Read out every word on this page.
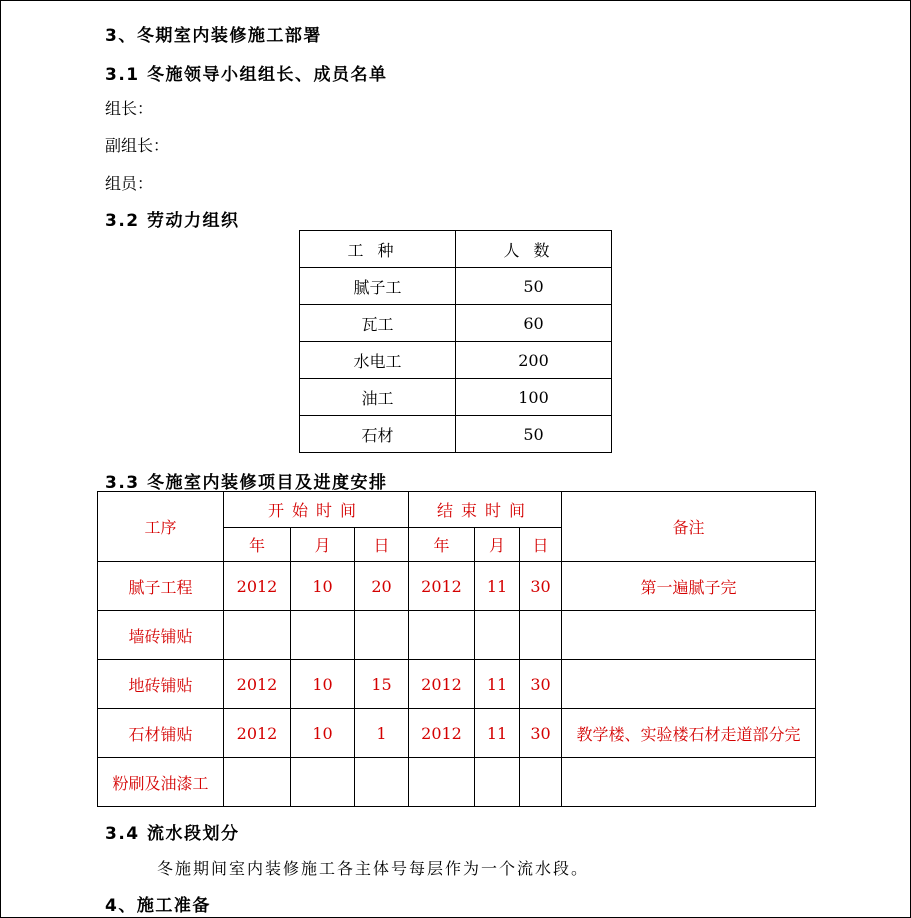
3、冬期室内装修施工部署
3.1 冬施领导小组组长、成员名单
组长：
副组长：
组员：
3.2 劳动力组织
工种	人数
腻子工	50
瓦工	60
水电工	200
油工	100
石材	50
3.3 冬施室内装修项目及进度安排
工序	开始时间			结束时间			备注
	年	月	日	年	月	日	
腻子工程	2012	10	20	2012	11	30	第一遍腻子完
墙砖铺贴							
地砖铺贴	2012	10	15	2012	11	30	
石材铺贴	2012	10	1	2012	11	30	教学楼、实验楼石材走道部分完
粉刷及油漆工							
3.4 流水段划分
冬施期间室内装修施工各主体号每层作为一个流水段。
4、施工准备
